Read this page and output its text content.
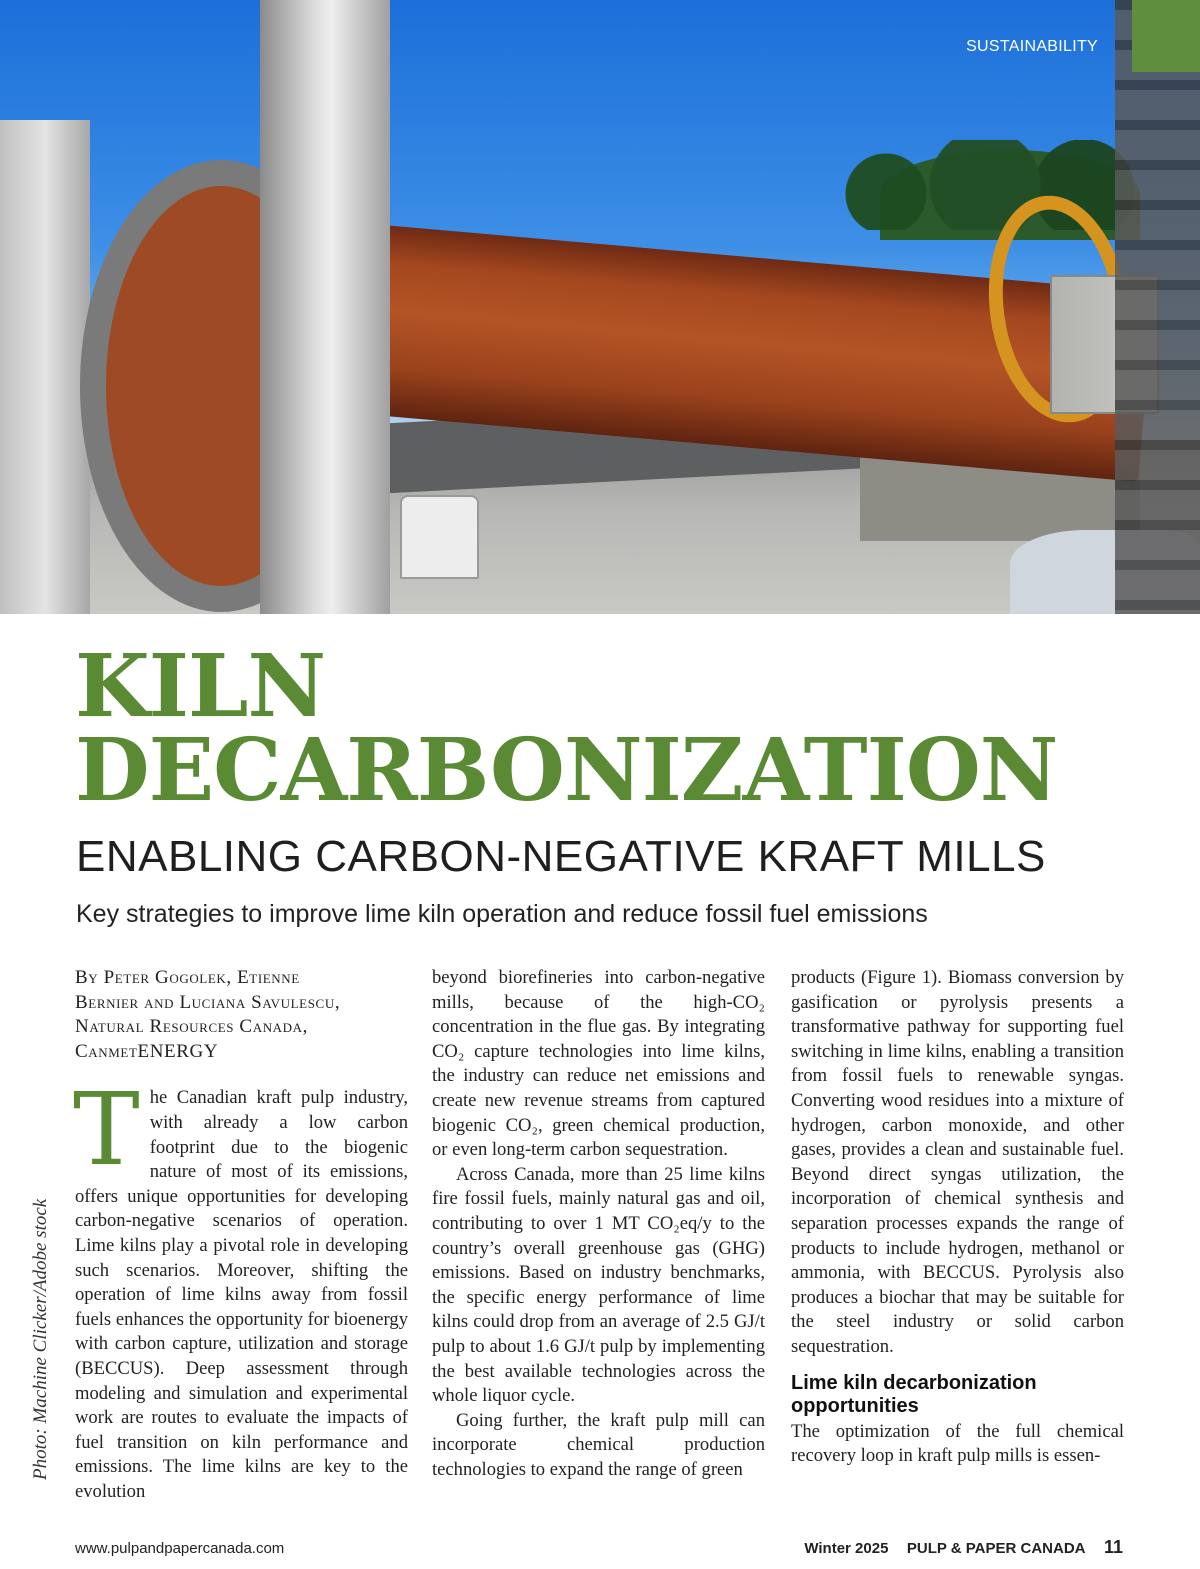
SUSTAINABILITY
KILN
DECARBONIZATION
ENABLING CARBON-NEGATIVE KRAFT MILLS

Key strategies to improve lime kiln operation and reduce fossil fuel emissions

Photo: Machine Clicker/Adobe stock

By Peter Gogolek, Etienne
Bernier and Luciana Savulescu,
Natural Resources Canada,
CanmetENERGY

The Canadian kraft pulp industry, with already a low carbon footprint due to the biogenic nature of most of its emissions, offers unique opportunities for developing carbon-negative scenarios of operation. Lime kilns play a pivotal role in developing such scenarios. Moreover, shifting the operation of lime kilns away from fossil fuels enhances the opportunity for bioenergy with carbon capture, utilization and storage (BECCUS). Deep assessment through modeling and simulation and experimental work are routes to evaluate the impacts of fuel transition on kiln performance and emissions. The lime kilns are key to the evolution

beyond biorefineries into carbon-negative mills, because of the high-CO₂ concentration in the flue gas. By integrating CO₂ capture technologies into lime kilns, the industry can reduce net emissions and create new revenue streams from captured biogenic CO₂, green chemical production, or even long-term carbon sequestration.

Across Canada, more than 25 lime kilns fire fossil fuels, mainly natural gas and oil, contributing to over 1 MT CO₂eq/y to the country’s overall greenhouse gas (GHG) emissions. Based on industry benchmarks, the specific energy performance of lime kilns could drop from an average of 2.5 GJ/t pulp to about 1.6 GJ/t pulp by implementing the best available technologies across the whole liquor cycle.

Going further, the kraft pulp mill can incorporate chemical production technologies to expand the range of green

products (Figure 1). Biomass conversion by gasification or pyrolysis presents a transformative pathway for supporting fuel switching in lime kilns, enabling a transition from fossil fuels to renewable syngas. Converting wood residues into a mixture of hydrogen, carbon monoxide, and other gases, provides a clean and sustainable fuel. Beyond direct syngas utilization, the incorporation of chemical synthesis and separation processes expands the range of products to include hydrogen, methanol or ammonia, with BECCUS. Pyrolysis also produces a biochar that may be suitable for the steel industry or solid carbon sequestration.

Lime kiln decarbonization opportunities

The optimization of the full chemical recovery loop in kraft pulp mills is essen-

www.pulpandpapercanada.com	Winter 2025 PULP & PAPER CANADA 11
